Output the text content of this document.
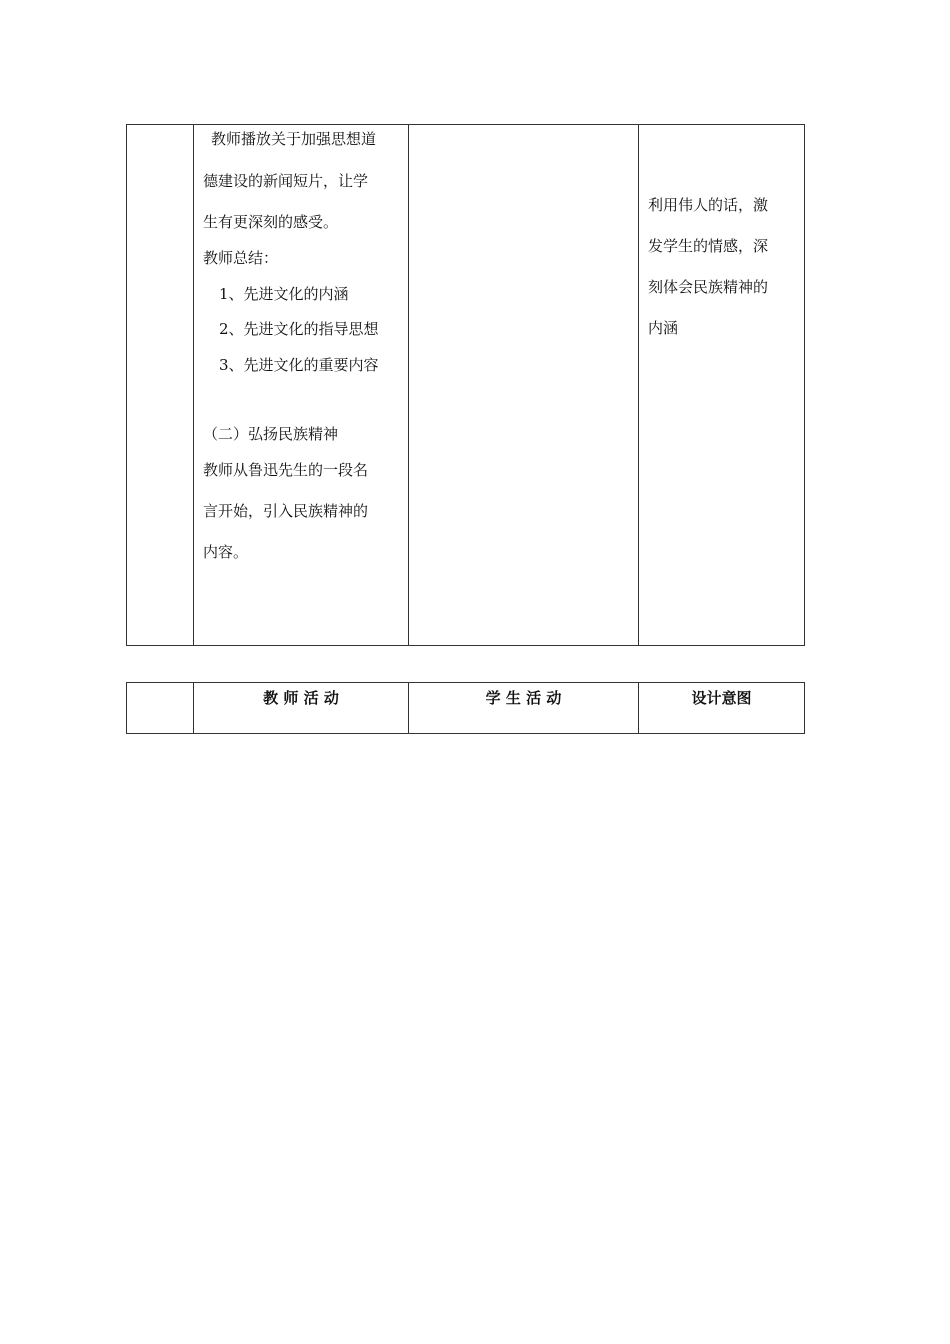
教师播放关于加强思想道
德建设的新闻短片，让学
生有更深刻的感受。
教师总结：
1、先进文化的内涵
2、先进文化的指导思想
3、先进文化的重要内容
（二）弘扬民族精神
教师从鲁迅先生的一段名
言开始，引入民族精神的
内容。
利用伟人的话，激
发学生的情感，深
刻体会民族精神的
内涵
教 师 活 动	学 生 活 动	设计意图
